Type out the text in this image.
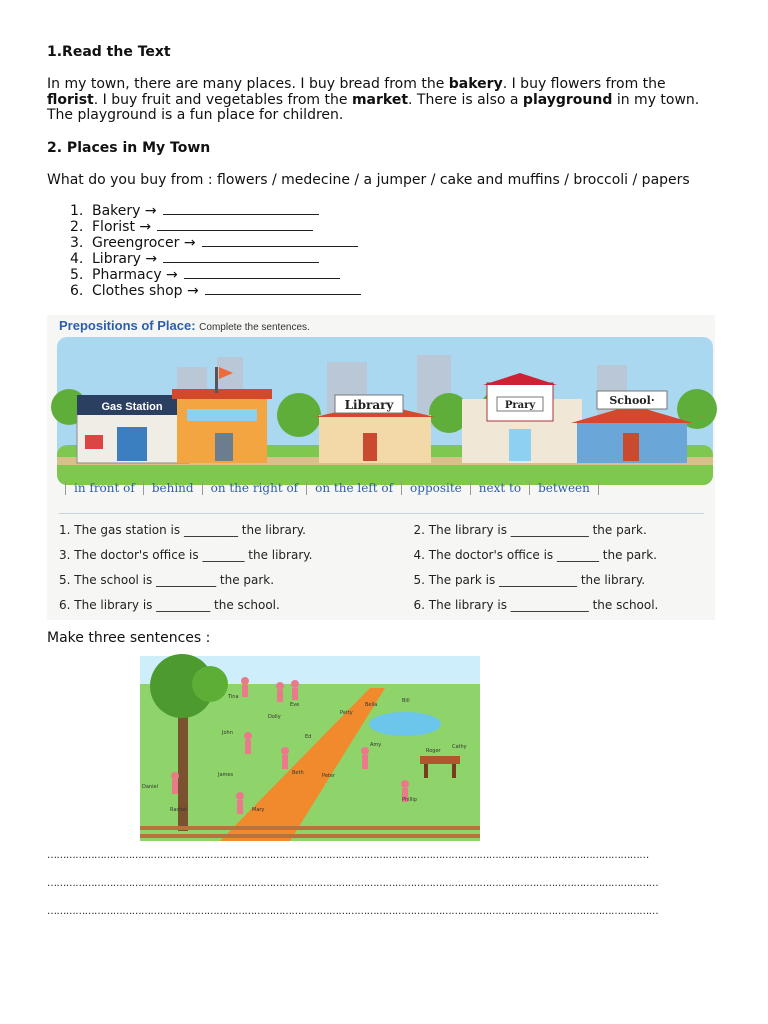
1.Read the Text
In my town, there are many places. I buy bread from the bakery. I buy flowers from the
florist. I buy fruit and vegetables from the market. There is also a playground in my town.
The playground is a fun place for children.
2. Places in My Town
What do you buy from : flowers / medecine / a jumper / cake and muffins / broccoli / papers
1. Bakery →
2. Florist →
3. Greengrocer →
4. Library →
5. Pharmacy →
6. Clothes shop →
Prepositions of Place: Complete the sentences.
Gas Station	Library	Prary	School·
in front of	behind	on the right of	on the left of	opposite	next to	between
1. The gas station is _________ the library.	2. The library is _____________ the park.
3. The doctor's office is _______ the library.	4. The doctor's office is _______ the park.
5. The school is __________ the park.	5. The park is _____________ the library.
6. The library is _________ the school.	6. The library is _____________ the school.
Make three sentences :
Tina
Eve
Dolly
Patty
Bella
Bill
John
Ed
Amy	Cathy
Roger
Beth	Peter
Daniel
James
Rachel	Mary
Phillip
…………………………………………………………………………………………………………………………………………………………………………
……………………………………………………………………………………………………………………………………………………………………………
……………………………………………………………………………………………………………………………………………………………………………
